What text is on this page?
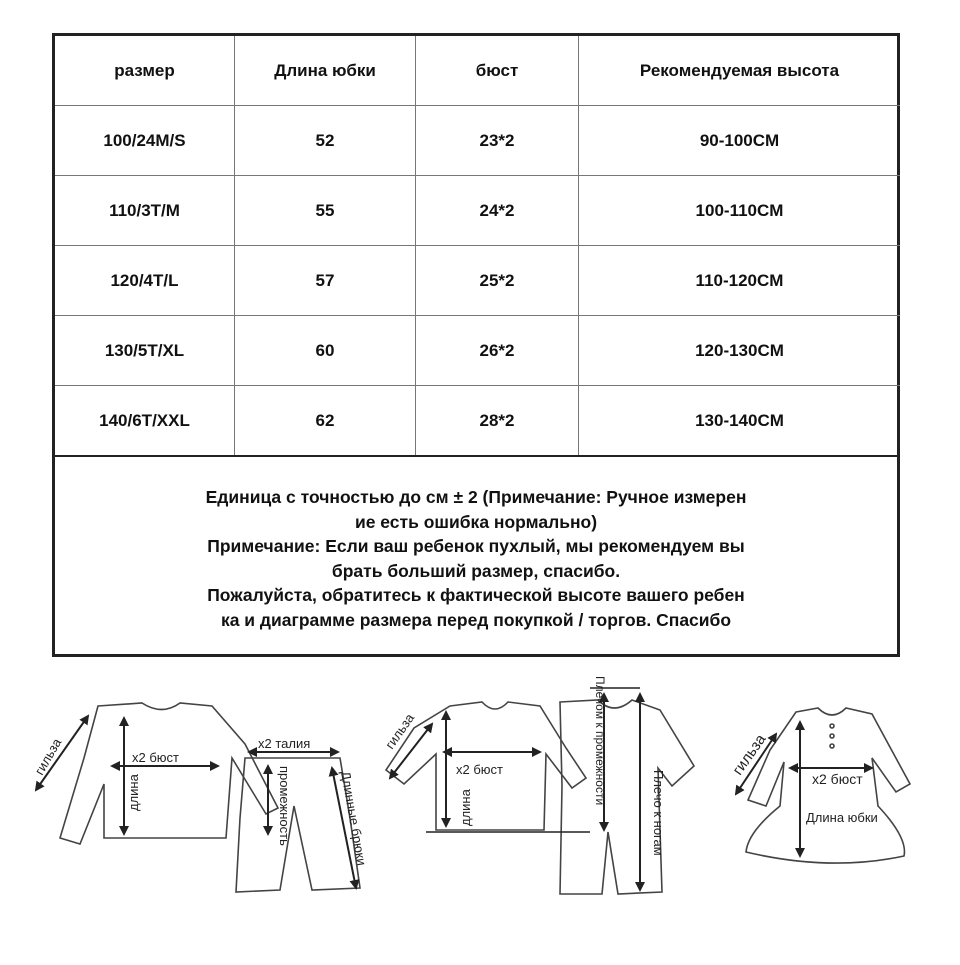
размер	Длина юбки	бюст	Рекомендуемая высота
100/24M/S	52	23*2	90-100CM
110/3T/M	55	24*2	100-110CM
120/4T/L	57	25*2	110-120CM
130/5T/XL	60	26*2	120-130CM
140/6T/XXL	62	28*2	130-140CM

Единица с точностью до см ± 2 (Примечание: Ручное измерен

ие есть ошибка нормально)

Примечание: Если ваш ребенок пухлый, мы рекомендуем вы

брать больший размер, спасибо.

Пожалуйста, обратитесь к фактической высоте вашего ребен

ка и диаграмме размера перед покупкой / торгов. Спасибо

гильза	x2 бюст
длина
x2 талия
промежность	Длинные брюки
гильза
x2 бюст
длина
Плечом к промежности
Плечо к ногам
гильза
x2 бюст
Длина юбки
